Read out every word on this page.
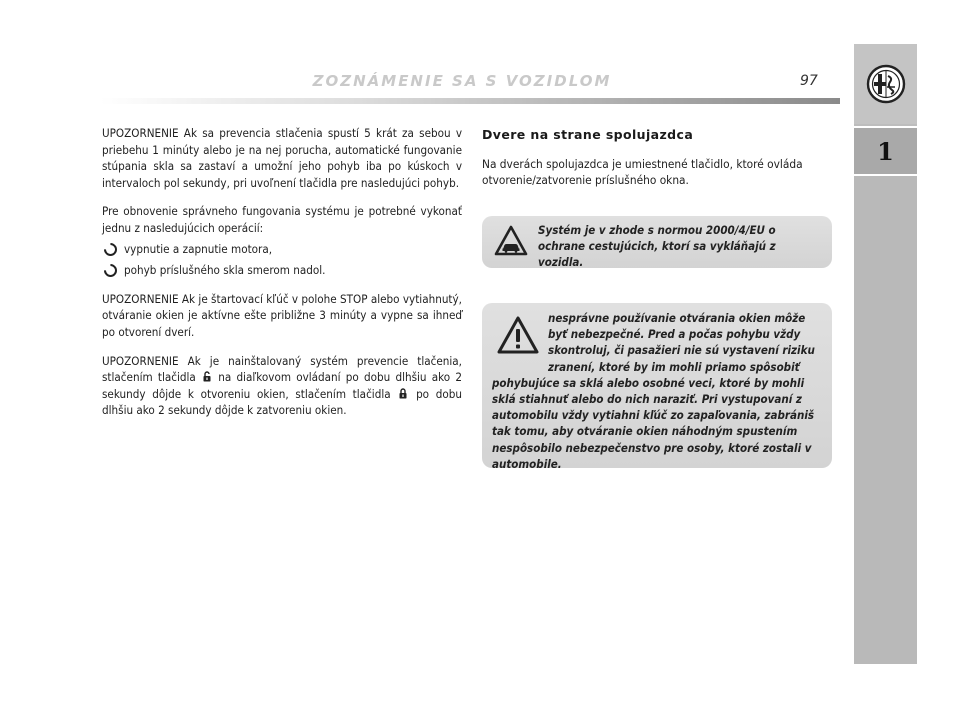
ZOZNÁMENIE SA S VOZIDLOM	97
1

UPOZORNENIE Ak sa prevencia stlačenia spustí 5 krát za sebou v priebehu 1 minúty alebo je na nej porucha, automatické fungovanie stúpania skla sa zastaví a umožní jeho pohyb iba po kúskoch v intervaloch pol sekundy, pri uvoľnení tlačidla pre nasledujúci pohyb.

Pre obnovenie správneho fungovania systému je potrebné vykonať jednu z nasledujúcich operácií:

vypnutie a zapnutie motora,
pohyb príslušného skla smerom nadol.

UPOZORNENIE Ak je štartovací kľúč v polohe STOP alebo vytiahnutý, otváranie okien je aktívne ešte približne 3 minúty a vypne sa ihneď po otvorení dverí.

UPOZORNENIE Ak je nainštalovaný systém prevencie tlačenia, stlačením tlačidla na diaľkovom ovládaní po dobu dlhšiu ako 2 sekundy dôjde k otvoreniu okien, stlačením tlačidla po dobu dlhšiu ako 2 sekundy dôjde k zatvoreniu okien.

Dvere na strane spolujazdca

Na dverách spolujazdca je umiestnené tlačidlo, ktoré ovláda otvorenie/zatvorenie príslušného okna.

Systém je v zhode s normou 2000/4/EU o ochrane cestujúcich, ktorí sa vykláňajú z vozidla.
nesprávne používanie otvárania okien môže byť nebezpečné. Pred a počas pohybu vždy skontroluj, či pasažieri nie sú vystavení riziku zranení, ktoré by im mohli priamo spôsobiť pohybujúce sa sklá alebo osobné veci, ktoré by mohli sklá stiahnuť alebo do nich naraziť. Pri vystupovaní z automobilu vždy vytiahni kľúč zo zapaľovania, zabrániš tak tomu, aby otváranie okien náhodným spustením nespôsobilo nebezpečenstvo pre osoby, ktoré zostali v automobile.
